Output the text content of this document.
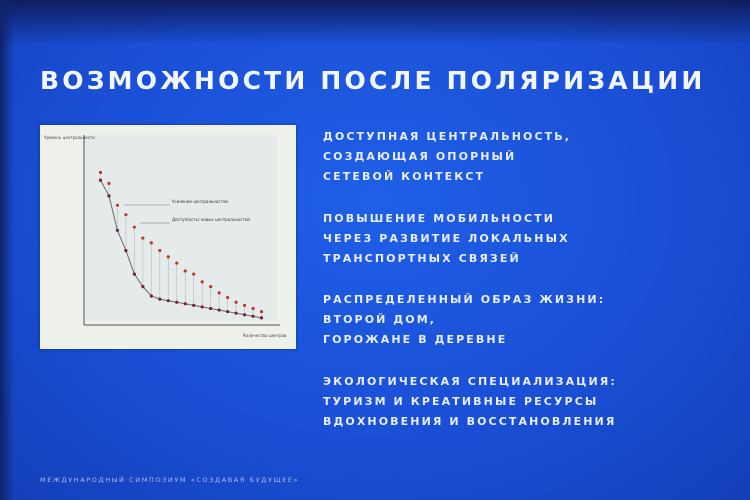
ВОЗМОЖНОСТИ ПОСЛЕ ПОЛЯРИЗАЦИИ
Уровень центральности
Количество центров
Усиление центральностей
Доступ(ость) новых центральностей
ДОСТУПНАЯ ЦЕНТРАЛЬНОСТЬ,
СОЗДАЮЩАЯ ОПОРНЫЙ
СЕТЕВОЙ КОНТЕКСТ
ПОВЫШЕНИЕ МОБИЛЬНОСТИ
ЧЕРЕЗ РАЗВИТИЕ ЛОКАЛЬНЫХ
ТРАНСПОРТНЫХ СВЯЗЕЙ
РАСПРЕДЕЛЕННЫЙ ОБРАЗ ЖИЗНИ:
ВТОРОЙ ДОМ,
ГОРОЖАНЕ В ДЕРЕВНЕ
ЭКОЛОГИЧЕСКАЯ СПЕЦИАЛИЗАЦИЯ:
ТУРИЗМ И КРЕАТИВНЫЕ РЕСУРСЫ
ВДОХНОВЕНИЯ И ВОССТАНОВЛЕНИЯ
МЕЖДУНАРОДНЫЙ СИМПОЗИУМ «СОЗДАВАЯ БУДУЩЕЕ»
